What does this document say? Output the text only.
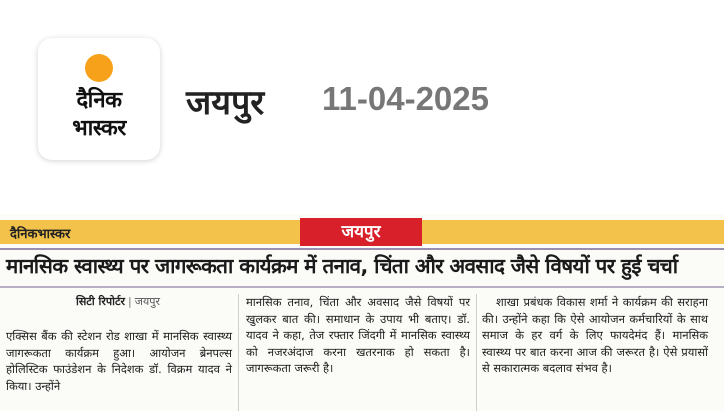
दैनिक
भास्कर
जयपुर 11-04-2025
दैनिकभास्कर	जयपुर
मानसिक स्वास्थ्य पर जागरूकता कार्यक्रम में तनाव, चिंता और अवसाद जैसे विषयों पर हुई चर्चा
सिटी रिपोर्टर | जयपुर
एक्सिस बैंक की स्टेशन रोड शाखा में मानसिक स्वास्थ्य जागरूकता कार्यक्रम हुआ। आयोजन ब्रेनपल्स होलिस्टिक फाउंडेशन के निदेशक डॉ. विक्रम यादव ने किया। उन्होंने
मानसिक तनाव, चिंता और अवसाद जैसे विषयों पर खुलकर बात की। समाधान के उपाय भी बताए। डॉ. यादव ने कहा, तेज रफ्तार जिंदगी में मानसिक स्वास्थ्य को नजरअंदाज करना खतरनाक हो सकता है। जागरूकता जरूरी है।
शाखा प्रबंधक विकास शर्मा ने कार्यक्रम की सराहना की। उन्होंने कहा कि ऐसे आयोजन कर्मचारियों के साथ समाज के हर वर्ग के लिए फायदेमंद हैं। मानसिक स्वास्थ्य पर बात करना आज की जरूरत है। ऐसे प्रयासों से सकारात्मक बदलाव संभव है।
